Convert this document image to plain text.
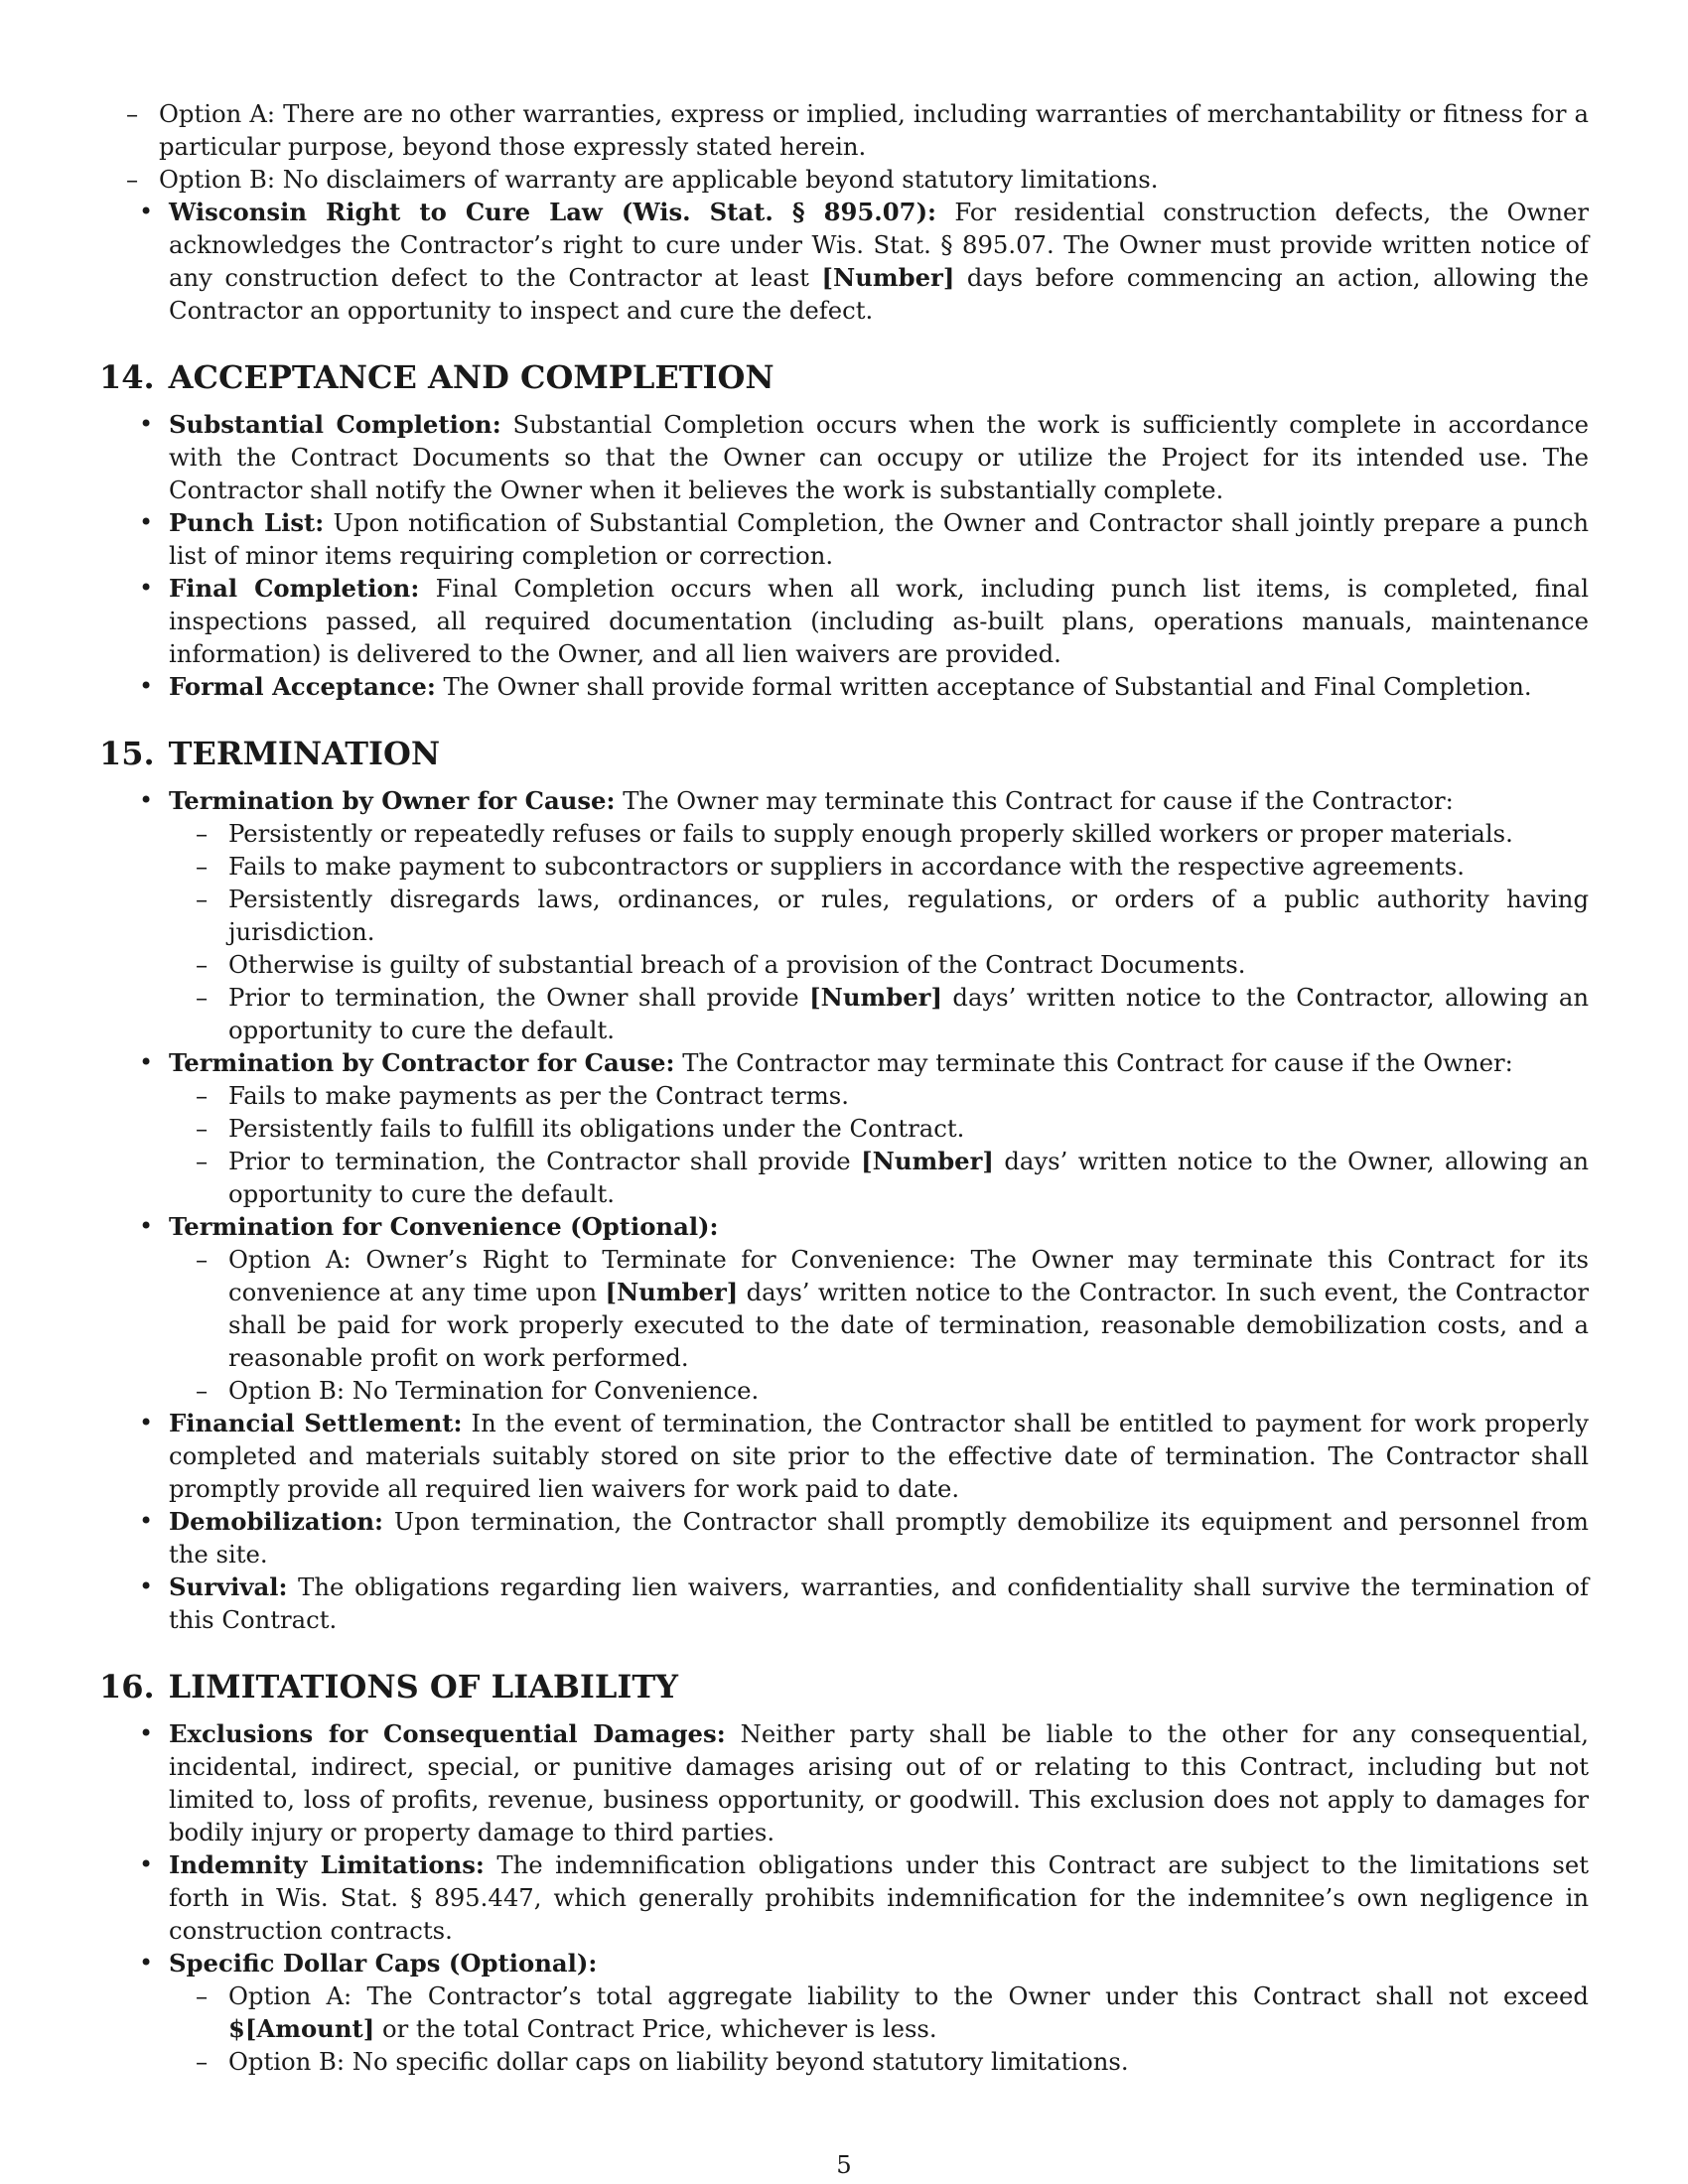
– Option A: There are no other warranties, express or implied, including warranties of merchantability or fitness for a particular purpose, beyond those expressly stated herein.
– Option B: No disclaimers of warranty are applicable beyond statutory limitations.
• Wisconsin Right to Cure Law (Wis. Stat. § 895.07): For residential construction defects, the Owner acknowledges the Contractor’s right to cure under Wis. Stat. § 895.07. The Owner must provide written notice of any construction defect to the Contractor at least [Number] days before commencing an action, allowing the Contractor an opportunity to inspect and cure the defect.
14. ACCEPTANCE AND COMPLETION
• Substantial Completion: Substantial Completion occurs when the work is sufficiently complete in accordance with the Contract Documents so that the Owner can occupy or utilize the Project for its intended use. The Contractor shall notify the Owner when it believes the work is substantially complete.
• Punch List: Upon notification of Substantial Completion, the Owner and Contractor shall jointly prepare a punch list of minor items requiring completion or correction.
• Final Completion: Final Completion occurs when all work, including punch list items, is completed, final inspections passed, all required documentation (including as-built plans, operations manuals, maintenance information) is delivered to the Owner, and all lien waivers are provided.
• Formal Acceptance: The Owner shall provide formal written acceptance of Substantial and Final Completion.
15. TERMINATION
• Termination by Owner for Cause: The Owner may terminate this Contract for cause if the Contractor:
– Persistently or repeatedly refuses or fails to supply enough properly skilled workers or proper materials.
– Fails to make payment to subcontractors or suppliers in accordance with the respective agreements.
– Persistently disregards laws, ordinances, or rules, regulations, or orders of a public authority having jurisdiction.
– Otherwise is guilty of substantial breach of a provision of the Contract Documents.
– Prior to termination, the Owner shall provide [Number] days’ written notice to the Contractor, allowing an opportunity to cure the default.
• Termination by Contractor for Cause: The Contractor may terminate this Contract for cause if the Owner:
– Fails to make payments as per the Contract terms.
– Persistently fails to fulfill its obligations under the Contract.
– Prior to termination, the Contractor shall provide [Number] days’ written notice to the Owner, allowing an opportunity to cure the default.
• Termination for Convenience (Optional):
– Option A: Owner’s Right to Terminate for Convenience: The Owner may terminate this Contract for its convenience at any time upon [Number] days’ written notice to the Contractor. In such event, the Contractor shall be paid for work properly executed to the date of termination, reasonable demobilization costs, and a reasonable profit on work performed.
– Option B: No Termination for Convenience.
• Financial Settlement: In the event of termination, the Contractor shall be entitled to payment for work properly completed and materials suitably stored on site prior to the effective date of termination. The Contractor shall promptly provide all required lien waivers for work paid to date.
• Demobilization: Upon termination, the Contractor shall promptly demobilize its equipment and personnel from the site.
• Survival: The obligations regarding lien waivers, warranties, and confidentiality shall survive the termination of this Contract.
16. LIMITATIONS OF LIABILITY
• Exclusions for Consequential Damages: Neither party shall be liable to the other for any consequential, incidental, indirect, special, or punitive damages arising out of or relating to this Contract, including but not limited to, loss of profits, revenue, business opportunity, or goodwill. This exclusion does not apply to damages for bodily injury or property damage to third parties.
• Indemnity Limitations: The indemnification obligations under this Contract are subject to the limitations set forth in Wis. Stat. § 895.447, which generally prohibits indemnification for the indemnitee’s own negligence in construction contracts.
• Specific Dollar Caps (Optional):
– Option A: The Contractor’s total aggregate liability to the Owner under this Contract shall not exceed $[Amount] or the total Contract Price, whichever is less.
– Option B: No specific dollar caps on liability beyond statutory limitations.
5
